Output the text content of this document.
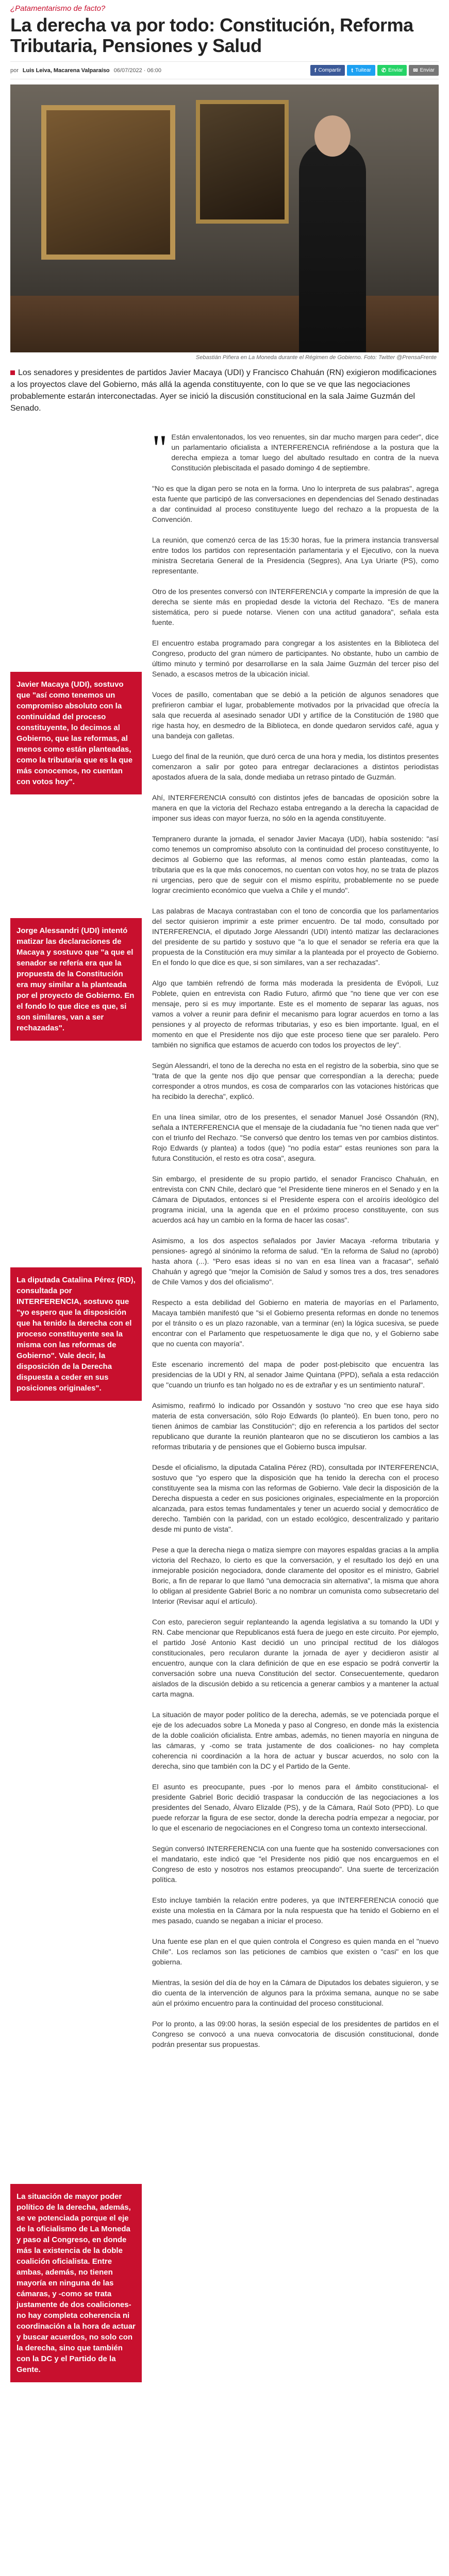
¿Patamentarismo de facto?
La derecha va por todo: Constitución, Reforma Tributaria, Pensiones y Salud
por Luis Leiva, Macarena Valparaíso 06/07/2022 · 06:00	f Compartir t Tuitear ✆ Enviar ✉ Enviar
Sebastián Piñera en La Moneda durante el Régimen de Gobierno. Foto: Twitter @PrensaFrente

Los senadores y presidentes de partidos Javier Macaya (UDI) y Francisco Chahuán (RN) exigieron modificaciones a los proyectos clave del Gobierno, más allá la agenda constituyente, con lo que se ve que las negociaciones probablemente estarán interconectadas. Ayer se inició la discusión constitucional en la sala Jaime Guzmán del Senado.

Javier Macaya (UDI), sostuvo que "así como tenemos un compromiso absoluto con la continuidad del proceso constituyente, lo decimos al Gobierno, que las reformas, al menos como están planteadas, como la tributaria que es la que más conocemos, no cuentan con votos hoy".
Jorge Alessandri (UDI) intentó matizar las declaraciones de Macaya y sostuvo que "a que el senador se refería era que la propuesta de la Constitución era muy similar a la planteada por el proyecto de Gobierno. En el fondo lo que dice es que, si son similares, van a ser rechazadas".
La diputada Catalina Pérez (RD), consultada por INTERFERENCIA, sostuvo que "yo espero que la disposición que ha tenido la derecha con el proceso constituyente sea la misma con las reformas de Gobierno". Vale decir, la disposición de la Derecha dispuesta a ceder en sus posiciones originales".
La situación de mayor poder político de la derecha, además, se ve potenciada porque el eje de la oficialismo de La Moneda y paso al Congreso, en donde más la existencia de la doble coalición oficialista. Entre ambas, además, no tienen mayoría en ninguna de las cámaras, y -como se trata justamente de dos coaliciones- no hay completa coherencia ni coordinación a la hora de actuar y buscar acuerdos, no solo con la derecha, sino que también con la DC y el Partido de la Gente.

" Están envalentonados, los veo renuentes, sin dar mucho margen para ceder", dice un parlamentario oficialista a INTERFERENCIA refiriéndose a la postura que la derecha empieza a tomar luego del abultado resultado en contra de la nueva Constitución plebiscitada el pasado domingo 4 de septiembre.

"No es que la digan pero se nota en la forma. Uno lo interpreta de sus palabras", agrega esta fuente que participó de las conversaciones en dependencias del Senado destinadas a dar continuidad al proceso constituyente luego del rechazo a la propuesta de la Convención.

La reunión, que comenzó cerca de las 15:30 horas, fue la primera instancia transversal entre todos los partidos con representación parlamentaria y el Ejecutivo, con la nueva ministra Secretaria General de la Presidencia (Segpres), Ana Lya Uriarte (PS), como representante.

Otro de los presentes conversó con INTERFERENCIA y comparte la impresión de que la derecha se siente más en propiedad desde la victoria del Rechazo. "Es de manera sistemática, pero si puede notarse. Vienen con una actitud ganadora", señala esta fuente.

El encuentro estaba programado para congregar a los asistentes en la Biblioteca del Congreso, producto del gran número de participantes. No obstante, hubo un cambio de último minuto y terminó por desarrollarse en la sala Jaime Guzmán del tercer piso del Senado, a escasos metros de la ubicación inicial.

Voces de pasillo, comentaban que se debió a la petición de algunos senadores que prefirieron cambiar el lugar, probablemente motivados por la privacidad que ofrecía la sala que recuerda al asesinado senador UDI y artífice de la Constitución de 1980 que rige hasta hoy, en desmedro de la Biblioteca, en donde quedaron servidos café, agua y una bandeja con galletas.

Luego del final de la reunión, que duró cerca de una hora y media, los distintos presentes comenzaron a salir por goteo para entregar declaraciones a distintos periodistas apostados afuera de la sala, donde mediaba un retraso pintado de Guzmán.

Ahí, INTERFERENCIA consultó con distintos jefes de bancadas de oposición sobre la manera en que la victoria del Rechazo estaba entregando a la derecha la capacidad de imponer sus ideas con mayor fuerza, no sólo en la agenda constituyente.

Tempranero durante la jornada, el senador Javier Macaya (UDI), había sostenido: "así como tenemos un compromiso absoluto con la continuidad del proceso constituyente, lo decimos al Gobierno que las reformas, al menos como están planteadas, como la tributaria que es la que más conocemos, no cuentan con votos hoy, no se trata de plazos ni urgencias, pero que de seguir con el mismo espíritu, probablemente no se puede lograr crecimiento económico que vuelva a Chile y el mundo".

Las palabras de Macaya contrastaban con el tono de concordia que los parlamentarios del sector quisieron imprimir a este primer encuentro. De tal modo, consultado por INTERFERENCIA, el diputado Jorge Alessandri (UDI) intentó matizar las declaraciones del presidente de su partido y sostuvo que "a lo que el senador se refería era que la propuesta de la Constitución era muy similar a la planteada por el proyecto de Gobierno. En el fondo lo que dice es que, si son similares, van a ser rechazadas".

Algo que también refrendó de forma más moderada la presidenta de Evópoli, Luz Poblete, quien en entrevista con Radio Futuro, afirmó que "no tiene que ver con ese mensaje, pero si es muy importante. Este es el momento de separar las aguas, nos vamos a volver a reunir para definir el mecanismo para lograr acuerdos en torno a las pensiones y al proyecto de reformas tributarias, y eso es bien importante. Igual, en el momento en que el Presidente nos dijo que este proceso tiene que ser paralelo. Pero también no significa que estamos de acuerdo con todos los proyectos de ley".

Según Alessandri, el tono de la derecha no esta en el registro de la soberbia, sino que se "trata de que la gente nos dijo que pensar que correspondían a la derecha; puede corresponder a otros mundos, es cosa de compararlos con las votaciones históricas que ha recibido la derecha", explicó.

En una línea similar, otro de los presentes, el senador Manuel José Ossandón (RN), señala a INTERFERENCIA que el mensaje de la ciudadanía fue "no tienen nada que ver" con el triunfo del Rechazo. "Se conversó que dentro los temas ven por cambios distintos. Rojo Edwards (y plantea) a todos (que) "no podía estar" estas reuniones son para la futura Constitución, el resto es otra cosa", asegura.

Sin embargo, el presidente de su propio partido, el senador Francisco Chahuán, en entrevista con CNN Chile, declaró que "el Presidente tiene mineros en el Senado y en la Cámara de Diputados, entonces si el Presidente espera con el arcoíris ideológico del programa inicial, una la agenda que en el próximo proceso constituyente, con sus acuerdos acá hay un cambio en la forma de hacer las cosas".

Asimismo, a los dos aspectos señalados por Javier Macaya -reforma tributaria y pensiones- agregó al sinónimo la reforma de salud. "En la reforma de Salud no (aprobó) hasta ahora (...). "Pero esas ideas si no van en esa línea van a fracasar", señaló Chahuán y agregó que "mejor la Comisión de Salud y somos tres a dos, tres senadores de Chile Vamos y dos del oficialismo".

Respecto a esta debilidad del Gobierno en materia de mayorías en el Parlamento, Macaya también manifestó que "si el Gobierno presenta reformas en donde no tenemos por el tránsito o es un plazo razonable, van a terminar (en) la lógica sucesiva, se puede encontrar con el Parlamento que respetuosamente le diga que no, y el Gobierno sabe que no cuenta con mayoría".

Este escenario incrementó del mapa de poder post-plebiscito que encuentra las presidencias de la UDI y RN, al senador Jaime Quintana (PPD), señala a esta redacción que "cuando un triunfo es tan holgado no es de extrañar y es un sentimiento natural".

Asimismo, reafirmó lo indicado por Ossandón y sostuvo "no creo que ese haya sido materia de esta conversación, sólo Rojo Edwards (lo planteó). En buen tono, pero no tienen ánimos de cambiar las Constitución"; dijo en referencia a los partidos del sector republicano que durante la reunión plantearon que no se discutieron los cambios a las reformas tributaria y de pensiones que el Gobierno busca impulsar.

Desde el oficialismo, la diputada Catalina Pérez (RD), consultada por INTERFERENCIA, sostuvo que "yo espero que la disposición que ha tenido la derecha con el proceso constituyente sea la misma con las reformas de Gobierno. Vale decir la disposición de la Derecha dispuesta a ceder en sus posiciones originales, especialmente en la proporción alcanzada, para estos temas fundamentales y tener un acuerdo social y democrático de derecho. También con la paridad, con un estado ecológico, descentralizado y paritario desde mi punto de vista".

Pese a que la derecha niega o matiza siempre con mayores espaldas gracias a la amplia victoria del Rechazo, lo cierto es que la conversación, y el resultado los dejó en una inmejorable posición negociadora, donde claramente del opositor es el ministro, Gabriel Boric, a fin de reparar lo que llamó "una democracia sin alternativa", la misma que ahora lo obligan al presidente Gabriel Boric a no nombrar un comunista como subsecretario del Interior (Revisar aquí el artículo).

Con esto, parecieron seguir replanteando la agenda legislativa a su tomando la UDI y RN. Cabe mencionar que Republicanos está fuera de juego en este circuito. Por ejemplo, el partido José Antonio Kast decidió un uno principal rectitud de los diálogos constitucionales, pero recularon durante la jornada de ayer y decidieron asistir al encuentro, aunque con la clara definición de que en ese espacio se podrá convertir la conversación sobre una nueva Constitución del sector. Consecuentemente, quedaron aislados de la discusión debido a su reticencia a generar cambios y a mantener la actual carta magna.

La situación de mayor poder político de la derecha, además, se ve potenciada porque el eje de los adecuados sobre La Moneda y paso al Congreso, en donde más la existencia de la doble coalición oficialista. Entre ambas, además, no tienen mayoría en ninguna de las cámaras, y -como se trata justamente de dos coaliciones- no hay completa coherencia ni coordinación a la hora de actuar y buscar acuerdos, no solo con la derecha, sino que también con la DC y el Partido de la Gente.

El asunto es preocupante, pues -por lo menos para el ámbito constitucional- el presidente Gabriel Boric decidió traspasar la conducción de las negociaciones a los presidentes del Senado, Álvaro Elizalde (PS), y de la Cámara, Raúl Soto (PPD). Lo que puede reforzar la figura de ese sector, donde la derecha podría empezar a negociar, por lo que el escenario de negociaciones en el Congreso toma un contexto interseccional.

Según conversó INTERFERENCIA con una fuente que ha sostenido conversaciones con el mandatario, este indicó que "el Presidente nos pidió que nos encarguemos en el Congreso de esto y nosotros nos estamos preocupando". Una suerte de tercerización política.

Esto incluye también la relación entre poderes, ya que INTERFERENCIA conoció que existe una molestia en la Cámara por la nula respuesta que ha tenido el Gobierno en el mes pasado, cuando se negaban a iniciar el proceso.

Una fuente ese plan en el que quien controla el Congreso es quien manda en el "nuevo Chile". Los reclamos son las peticiones de cambios que existen o "casi" en los que gobierna.

Mientras, la sesión del día de hoy en la Cámara de Diputados los debates siguieron, y se dio cuenta de la intervención de algunos para la próxima semana, aunque no se sabe aún el próximo encuentro para la continuidad del proceso constitucional.

Por lo pronto, a las 09:00 horas, la sesión especial de los presidentes de partidos en el Congreso se convocó a una nueva convocatoria de discusión constitucional, donde podrán presentar sus propuestas.
